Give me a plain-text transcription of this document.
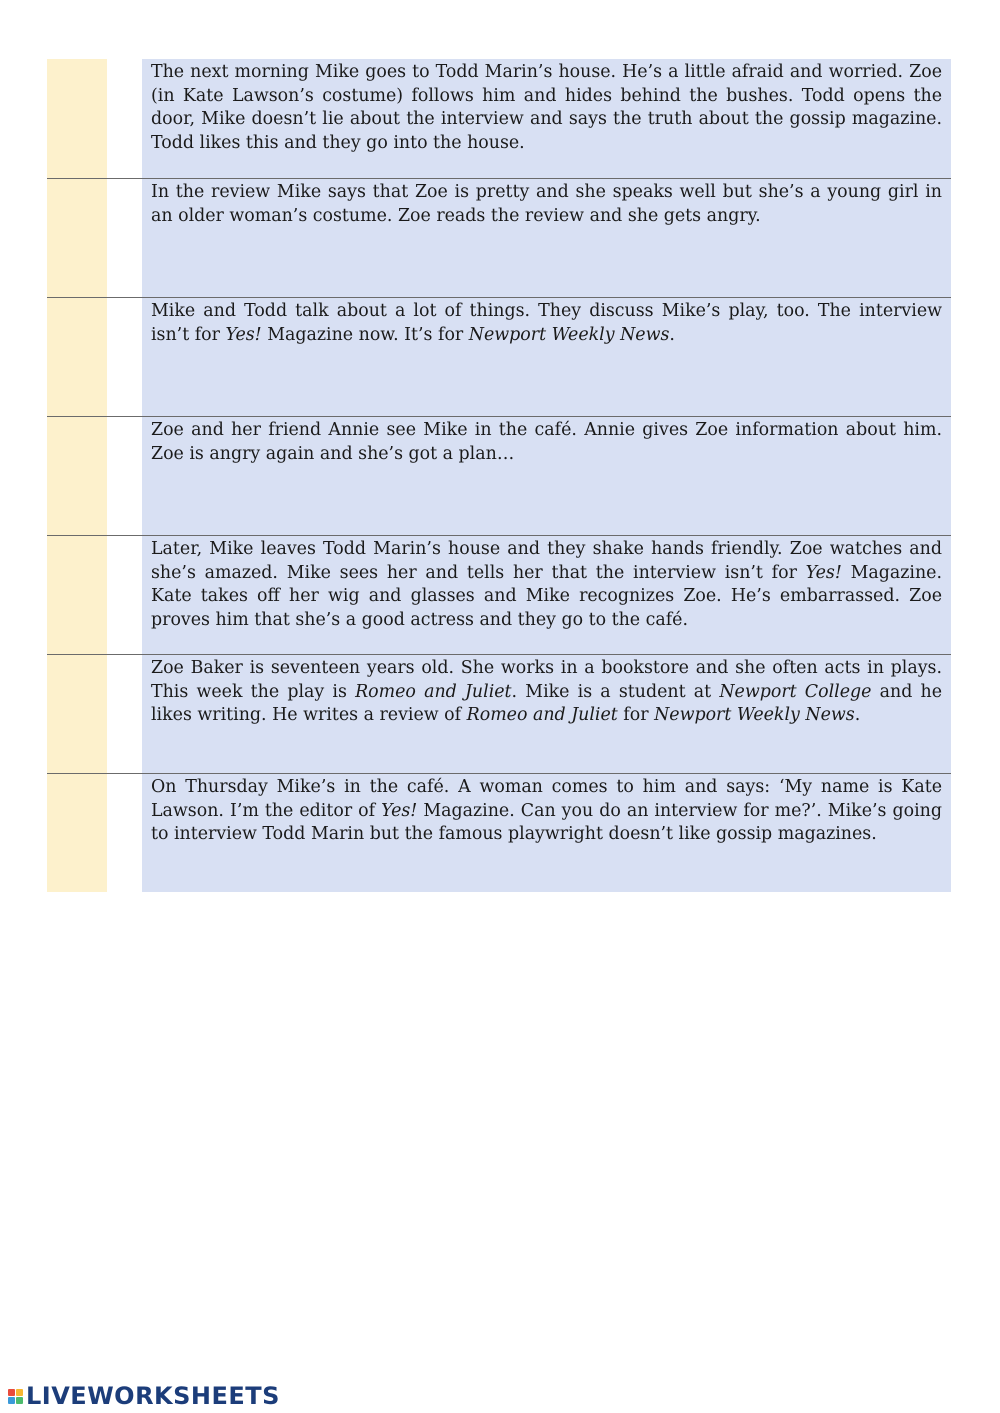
The next morning Mike goes to Todd Marin’s house. He’s a little afraid and worried. Zoe (in Kate Lawson’s costume) follows him and hides behind the bushes. Todd opens the door, Mike doesn’t lie about the interview and says the truth about the gossip magazine. Todd likes this and they go into the house.

In the review Mike says that Zoe is pretty and she speaks well but she’s a young girl in an older woman’s costume. Zoe reads the review and she gets angry.

Mike and Todd talk about a lot of things. They discuss Mike’s play, too. The interview isn’t for Yes! Magazine now. It’s for Newport Weekly News.

Zoe and her friend Annie see Mike in the café. Annie gives Zoe information about him. Zoe is angry again and she’s got a plan…

Later, Mike leaves Todd Marin’s house and they shake hands friendly. Zoe watches and she’s amazed. Mike sees her and tells her that the interview isn’t for Yes! Magazine. Kate takes off her wig and glasses and Mike recognizes Zoe. He’s embarrassed. Zoe proves him that she’s a good actress and they go to the café.

Zoe Baker is seventeen years old. She works in a bookstore and she often acts in plays. This week the play is Romeo and Juliet. Mike is a student at Newport College and he likes writing. He writes a review of Romeo and Juliet for Newport Weekly News.

On Thursday Mike’s in the café. A woman comes to him and says: ‘My name is Kate Lawson. I’m the editor of Yes! Magazine. Can you do an interview for me?’. Mike’s going to interview Todd Marin but the famous playwright doesn’t like gossip magazines.

LIVEWORKSHEETS
